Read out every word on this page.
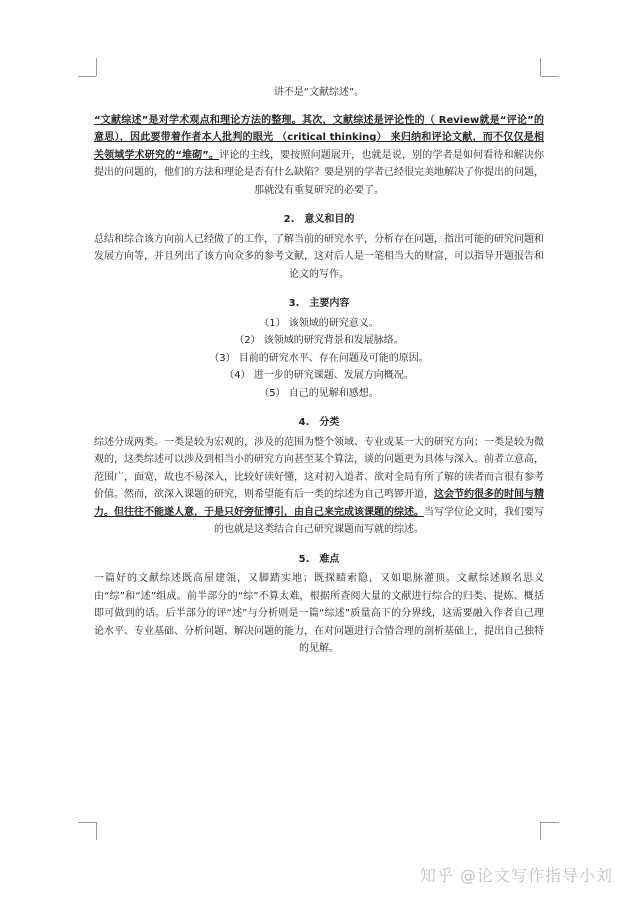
讲不是“文献综述”。

“文献综述”是对学术观点和理论方法的整理。其次，文献综述是评论性的（ Review就是“评论”的意思），因此要带着作者本人批判的眼光 （critical thinking） 来归纳和评论文献，而不仅仅是相关领域学术研究的“堆砌”。评论的主线，要按照问题展开，也就是说，别的学者是如何看待和解决你提出的问题的，他们的方法和理论是否有什么缺陷？要是别的学者已经很完美地解决了你提出的问题，那就没有重复研究的必要了。

2. 意义和目的

总结和综合该方向前人已经做了的工作，了解当前的研究水平，分析存在问题，指出可能的研究问题和发展方向等，并且列出了该方向众多的参考文献，这对后人是一笔相当大的财富，可以指导开题报告和论文的写作。

3. 主要内容

（1） 该领域的研究意义。

（2） 该领域的研究背景和发展脉络。

（3） 目前的研究水平、存在问题及可能的原因。

（4） 进一步的研究课题、发展方向概况。

（5） 自己的见解和感想。

4. 分类

综述分成两类。一类是较为宏观的，涉及的范围为整个领域、专业或某一大的研究方向；一类是较为微观的，这类综述可以涉及到相当小的研究方向甚至某个算法，谈的问题更为具体与深入。前者立意高，范围广，面宽，故也不易深入，比较好读好懂，这对初入道者、欲对全局有所了解的读者而言很有参考价值。然而，欲深入课题的研究，则希望能有后一类的综述为自己鸣锣开道，这会节约很多的时间与精力。但往往不能遂人意，于是只好旁征博引，由自己来完成该课题的综述。当写学位论文时，我们要写的也就是这类结合自己研究课题而写就的综述。

5. 难点

一篇好的文献综述既高屋建瓴，又脚踏实地；既探赜索隐，又如聪脉灌顶。文献综述顾名思义由“综”和“述”组成。前半部分的“综”不算太难，根据所查阅大量的文献进行综合的归类、提炼、概括即可做到的话。后半部分的评“述”与分析则是一篇“综述”质量高下的分界线，这需要融入作者自己理论水平、专业基础、分析问题、解决问题的能力，在对问题进行合情合理的剖析基础上，提出自己独特的见解。

知乎 @论文写作指导小刘
